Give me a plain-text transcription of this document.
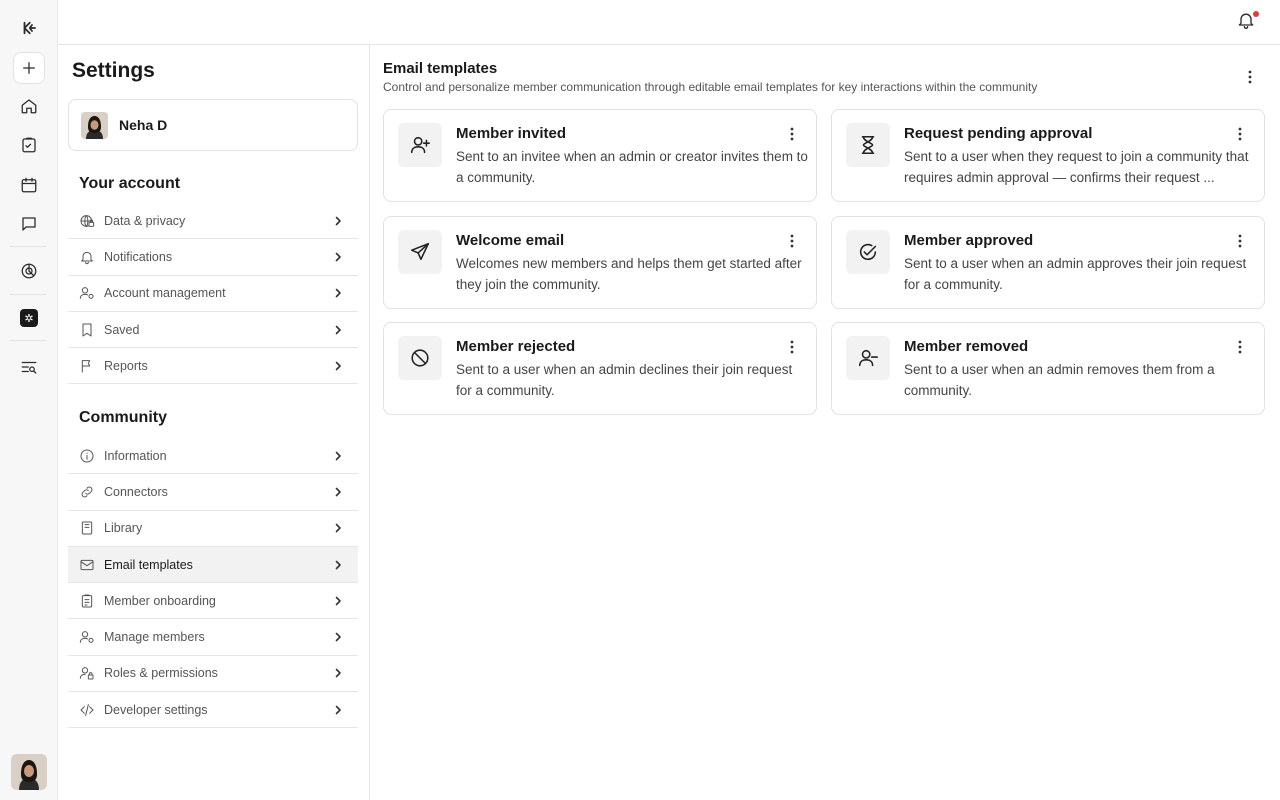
✲
Settings
Neha D
Your account
Data & privacy
Notifications
Account management
Saved
Reports
Community
Information
Connectors
Library
Email templates
Member onboarding
Manage members
Roles & permissions
Developer settings
Email templates
Control and personalize member communication through editable email templates for key interactions within the community
Member invited
Sent to an invitee when an admin or creator invites them to a community.
Request pending approval
Sent to a user when they request to join a community that requires admin approval — confirms their request ...
Welcome email
Welcomes new members and helps them get started after they join the community.
Member approved
Sent to a user when an admin approves their join request for a community.
Member rejected
Sent to a user when an admin declines their join request for a community.
Member removed
Sent to a user when an admin removes them from a community.
